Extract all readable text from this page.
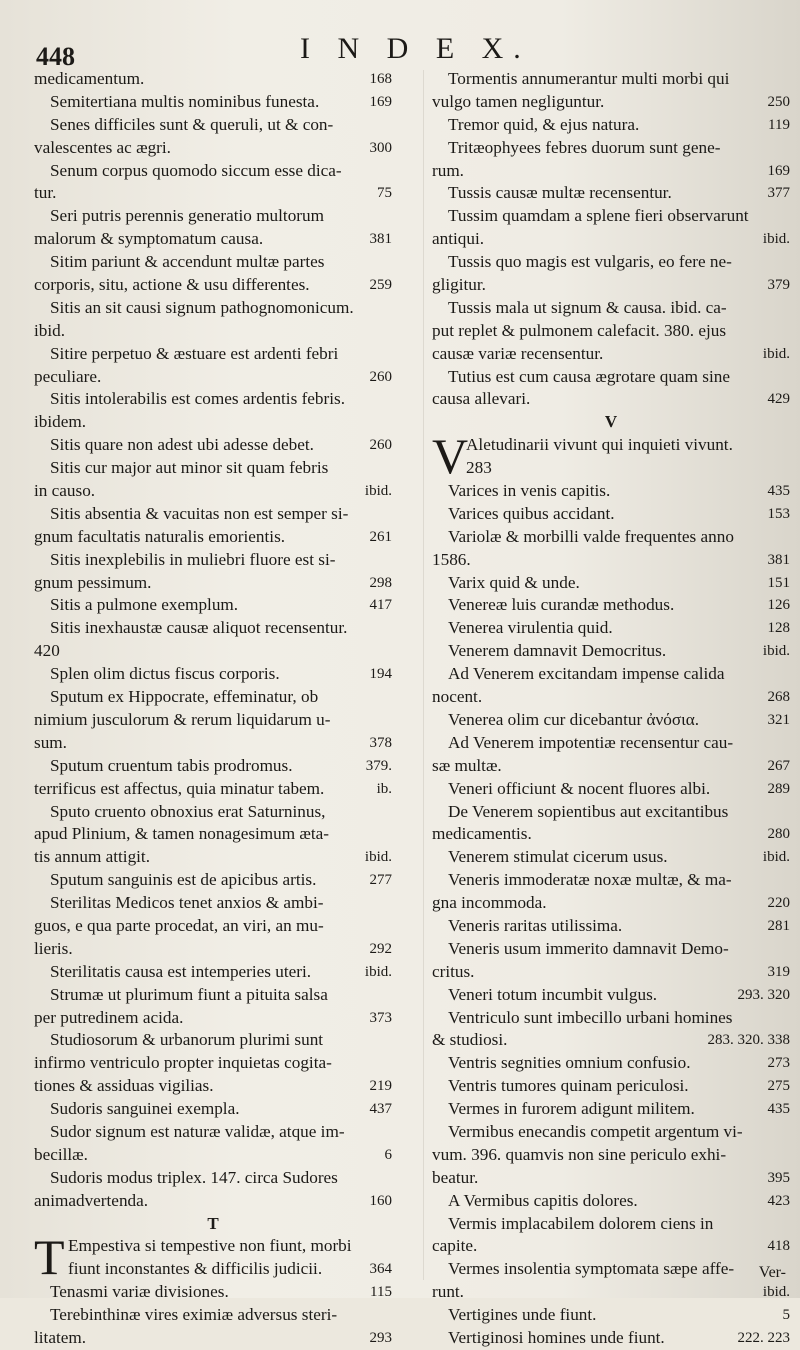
448	I N D E X.
medicamentum.	168
Semitertiana multis nominibus funesta.	169
Senes difficiles sunt & queruli, ut & con-
valescentes ac ægri.	300
Senum corpus quomodo siccum esse dica-
tur.	75
Seri putris perennis generatio multorum
malorum & symptomatum causa.	381
Sitim pariunt & accendunt multæ partes
corporis, situ, actione & usu differentes.	259
Sitis an sit causi signum pathognomonicum.
ibid.
Sitire perpetuo & æstuare est ardenti febri
peculiare.	260
Sitis intolerabilis est comes ardentis febris.
ibidem.
Sitis quare non adest ubi adesse debet.	260
Sitis cur major aut minor sit quam febris
in causo.	ibid.
Sitis absentia & vacuitas non est semper si-
gnum facultatis naturalis emorientis.	261
Sitis inexplebilis in muliebri fluore est si-
gnum pessimum.	298
Sitis a pulmone exemplum.	417
Sitis inexhaustæ causæ aliquot recensentur.
420
Splen olim dictus fiscus corporis.	194
Sputum ex Hippocrate, effeminatur, ob
nimium jusculorum & rerum liquidarum u-
sum.	378
Sputum cruentum tabis prodromus.	379.
terrificus est affectus, quia minatur tabem.	ib.
Sputo cruento obnoxius erat Saturninus,
apud Plinium, & tamen nonagesimum æta-
tis annum attigit.	ibid.
Sputum sanguinis est de apicibus artis.	277
Sterilitas Medicos tenet anxios & ambi-
guos, e qua parte procedat, an viri, an mu-
lieris.	292
Sterilitatis causa est intemperies uteri.	ibid.
Strumæ ut plurimum fiunt a pituita salsa
per putredinem acida.	373
Studiosorum & urbanorum plurimi sunt
infirmo ventriculo propter inquietas cogita-
tiones & assiduas vigilias.	219
Sudoris sanguinei exempla.	437
Sudor signum est naturæ validæ, atque im-
becillæ.	6
Sudoris modus triplex. 147. circa Sudores
animadvertenda.	160
T
T Empestiva si tempestive non fiunt, morbi
fiunt inconstantes & difficilis judicii.	364
Tenasmi variæ divisiones.	115
Terebinthinæ vires eximiæ adversus steri-
litatem.	293
Tormentis annumerantur multi morbi qui
vulgo tamen negliguntur.	250
Tremor quid, & ejus natura.	119
Tritæophyees febres duorum sunt gene-
rum.	169
Tussis causæ multæ recensentur.	377
Tussim quamdam a splene fieri observarunt
antiqui.	ibid.
Tussis quo magis est vulgaris, eo fere ne-
gligitur.	379
Tussis mala ut signum & causa. ibid. ca-
put replet & pulmonem calefacit. 380. ejus
causæ variæ recensentur.	ibid.
Tutius est cum causa ægrotare quam sine
causa allevari.	429
V
V
Aletudinarii vivunt qui inquieti vivunt.
283
Varices in venis capitis.	435
Varices quibus accidant.	153
Variolæ & morbilli valde frequentes anno
1586.	381
Varix quid & unde.	151
Venereæ luis curandæ methodus.	126
Venerea virulentia quid.	128
Venerem damnavit Democritus.	ibid.
Ad Venerem excitandam impense calida
nocent.	268
Venerea olim cur dicebantur ἀνόσια.	321
Ad Venerem impotentiæ recensentur cau-
sæ multæ.	267
Veneri officiunt & nocent fluores albi.	289
De Venerem sopientibus aut excitantibus
medicamentis.	280
Venerem stimulat cicerum usus.	ibid.
Veneris immoderatæ noxæ multæ, & ma-
gna incommoda.	220
Veneris raritas utilissima.	281
Veneris usum immerito damnavit Demo-
critus.	319
Veneri totum incumbit vulgus.	293. 320
Ventriculo sunt imbecillo urbani homines
& studiosi.	283. 320. 338
Ventris segnities omnium confusio.	273
Ventris tumores quinam periculosi.	275
Vermes in furorem adigunt militem.	435
Vermibus enecandis competit argentum vi-
vum. 396. quamvis non sine periculo exhi-
beatur.	395
A Vermibus capitis dolores.	423
Vermis implacabilem dolorem ciens in
capite.	418
Vermes insolentia symptomata sæpe affe-
runt.	ibid.
Vertigines unde fiunt.	5
Vertiginosi homines unde fiunt.	222. 223
Ver-
